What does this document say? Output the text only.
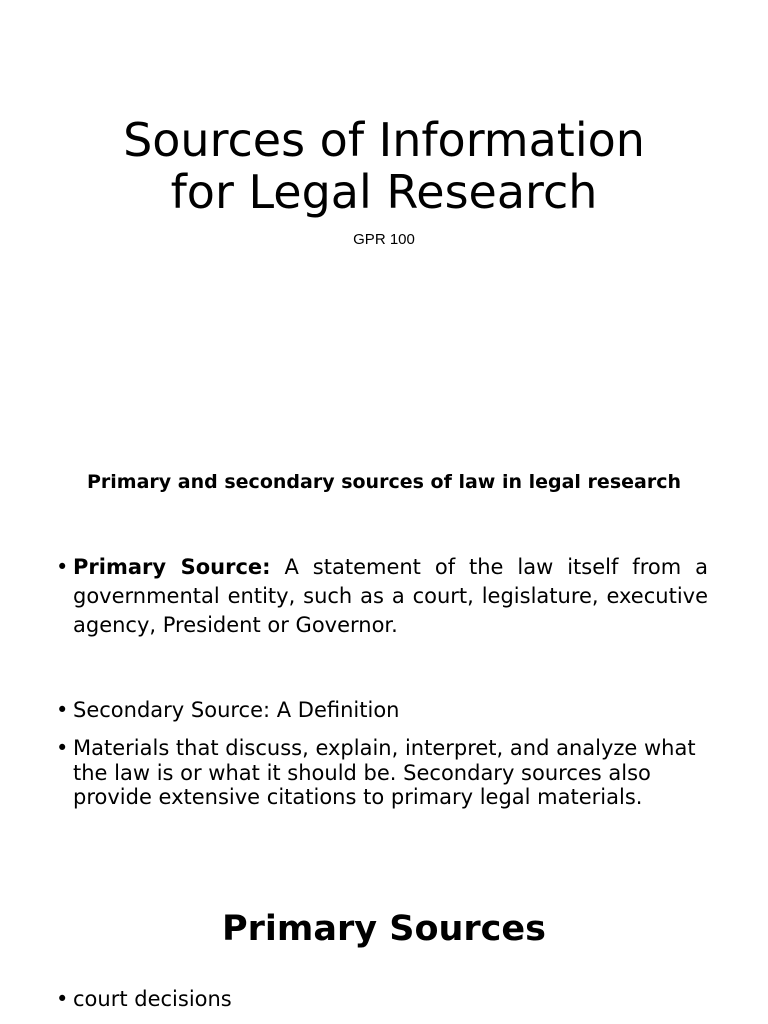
Sources of Information
for Legal Research
GPR 100
Primary and secondary sources of law in legal research
• Primary Source: A statement of the law itself from a governmental entity, such as a court, legislature, executive agency, President or Governor.
• Secondary Source: A Definition
• Materials that discuss, explain, interpret, and analyze what the law is or what it should be. Secondary sources also provide extensive citations to primary legal materials.
Primary Sources
• court decisions
